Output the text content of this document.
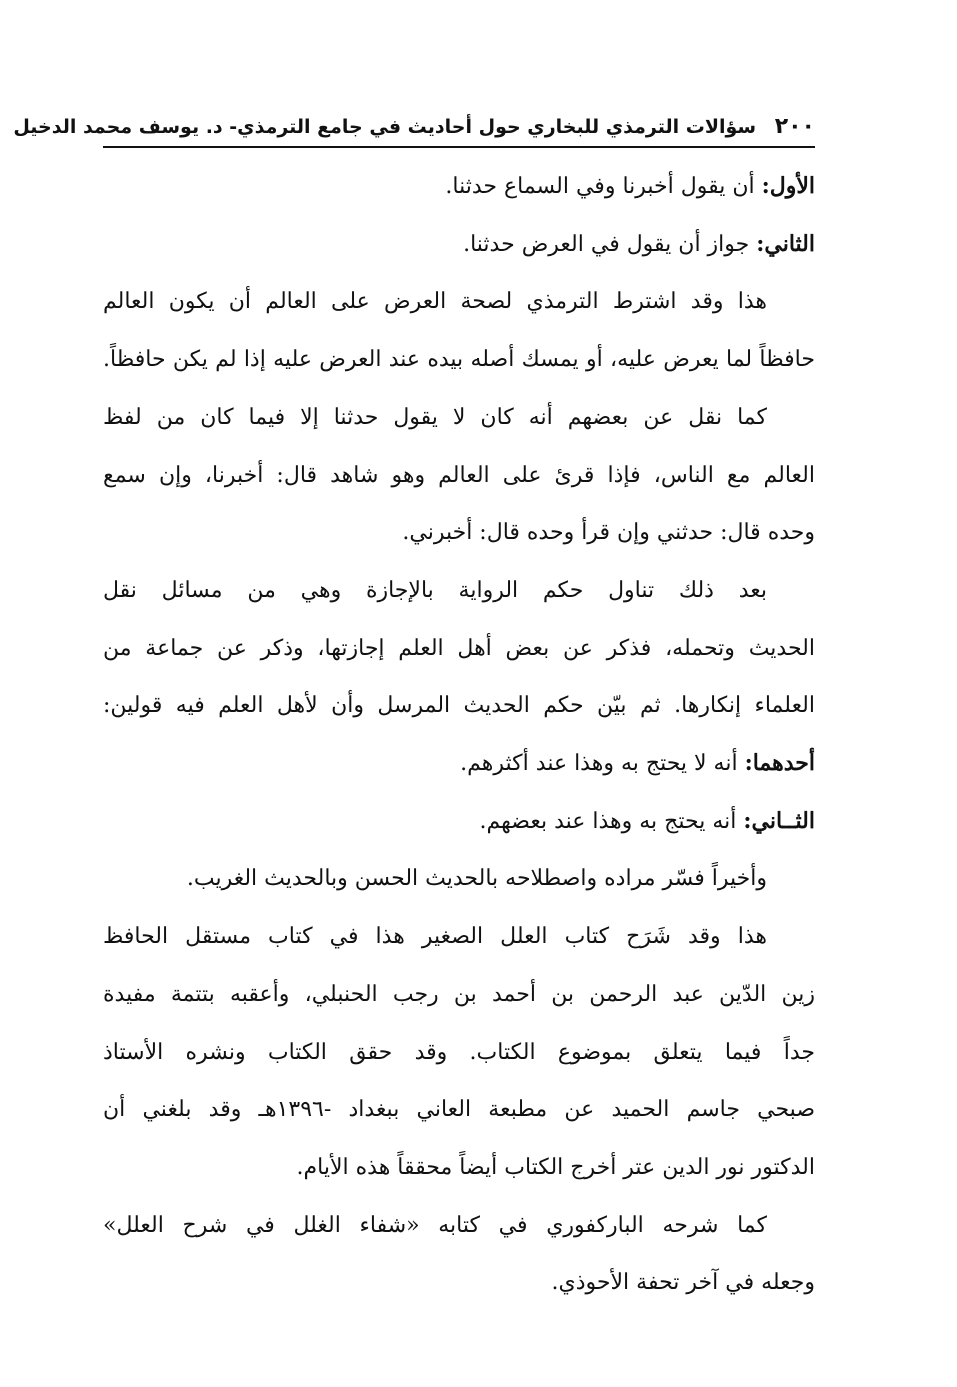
٢٠٠ سؤالات الترمذي للبخاري حول أحاديث في جامع الترمذي- د. يوسف محمد الدخيل
الأول: أن يقول أخبرنا وفي السماع حدثنا.
الثاني: جواز أن يقول في العرض حدثنا.
هذا وقد اشترط الترمذي لصحة العرض على العالم أن يكون العالم
حافظاً لما يعرض عليه، أو يمسك أصله بيده عند العرض عليه إذا لم يكن حافظاً.
كما نقل عن بعضهم أنه كان لا يقول حدثنا إلا فيما كان من لفظ
العالم مع الناس، فإذا قرئ على العالم وهو شاهد قال: أخبرنا، وإن سمع
وحده قال: حدثني وإن قرأ وحده قال: أخبرني.
بعد ذلك تناول حكم الرواية بالإجازة وهي من مسائل نقل
الحديث وتحمله، فذكر عن بعض أهل العلم إجازتها، وذكر عن جماعة من
العلماء إنكارها. ثم بيّن حكم الحديث المرسل وأن لأهل العلم فيه قولين:
أحدهما: أنه لا يحتج به وهذا عند أكثرهم.
الثــاني: أنه يحتج به وهذا عند بعضهم.
وأخيراً فسّر مراده واصطلاحه بالحديث الحسن وبالحديث الغريب.
هذا وقد شَرَح كتاب العلل الصغير هذا في كتاب مستقل الحافظ
زين الدّين عبد الرحمن بن أحمد بن رجب الحنبلي، وأعقبه بتتمة مفيدة
جداً فيما يتعلق بموضوع الكتاب. وقد حقق الكتاب ونشره الأستاذ
صبحي جاسم الحميد عن مطبعة العاني ببغداد -١٣٩٦هـ وقد بلغني أن
الدكتور نور الدين عتر أخرج الكتاب أيضاً محققاً هذه الأيام.
كما شرحه الباركفوري في كتابه «شفاء الغلل في شرح العلل»
وجعله في آخر تحفة الأحوذي.
